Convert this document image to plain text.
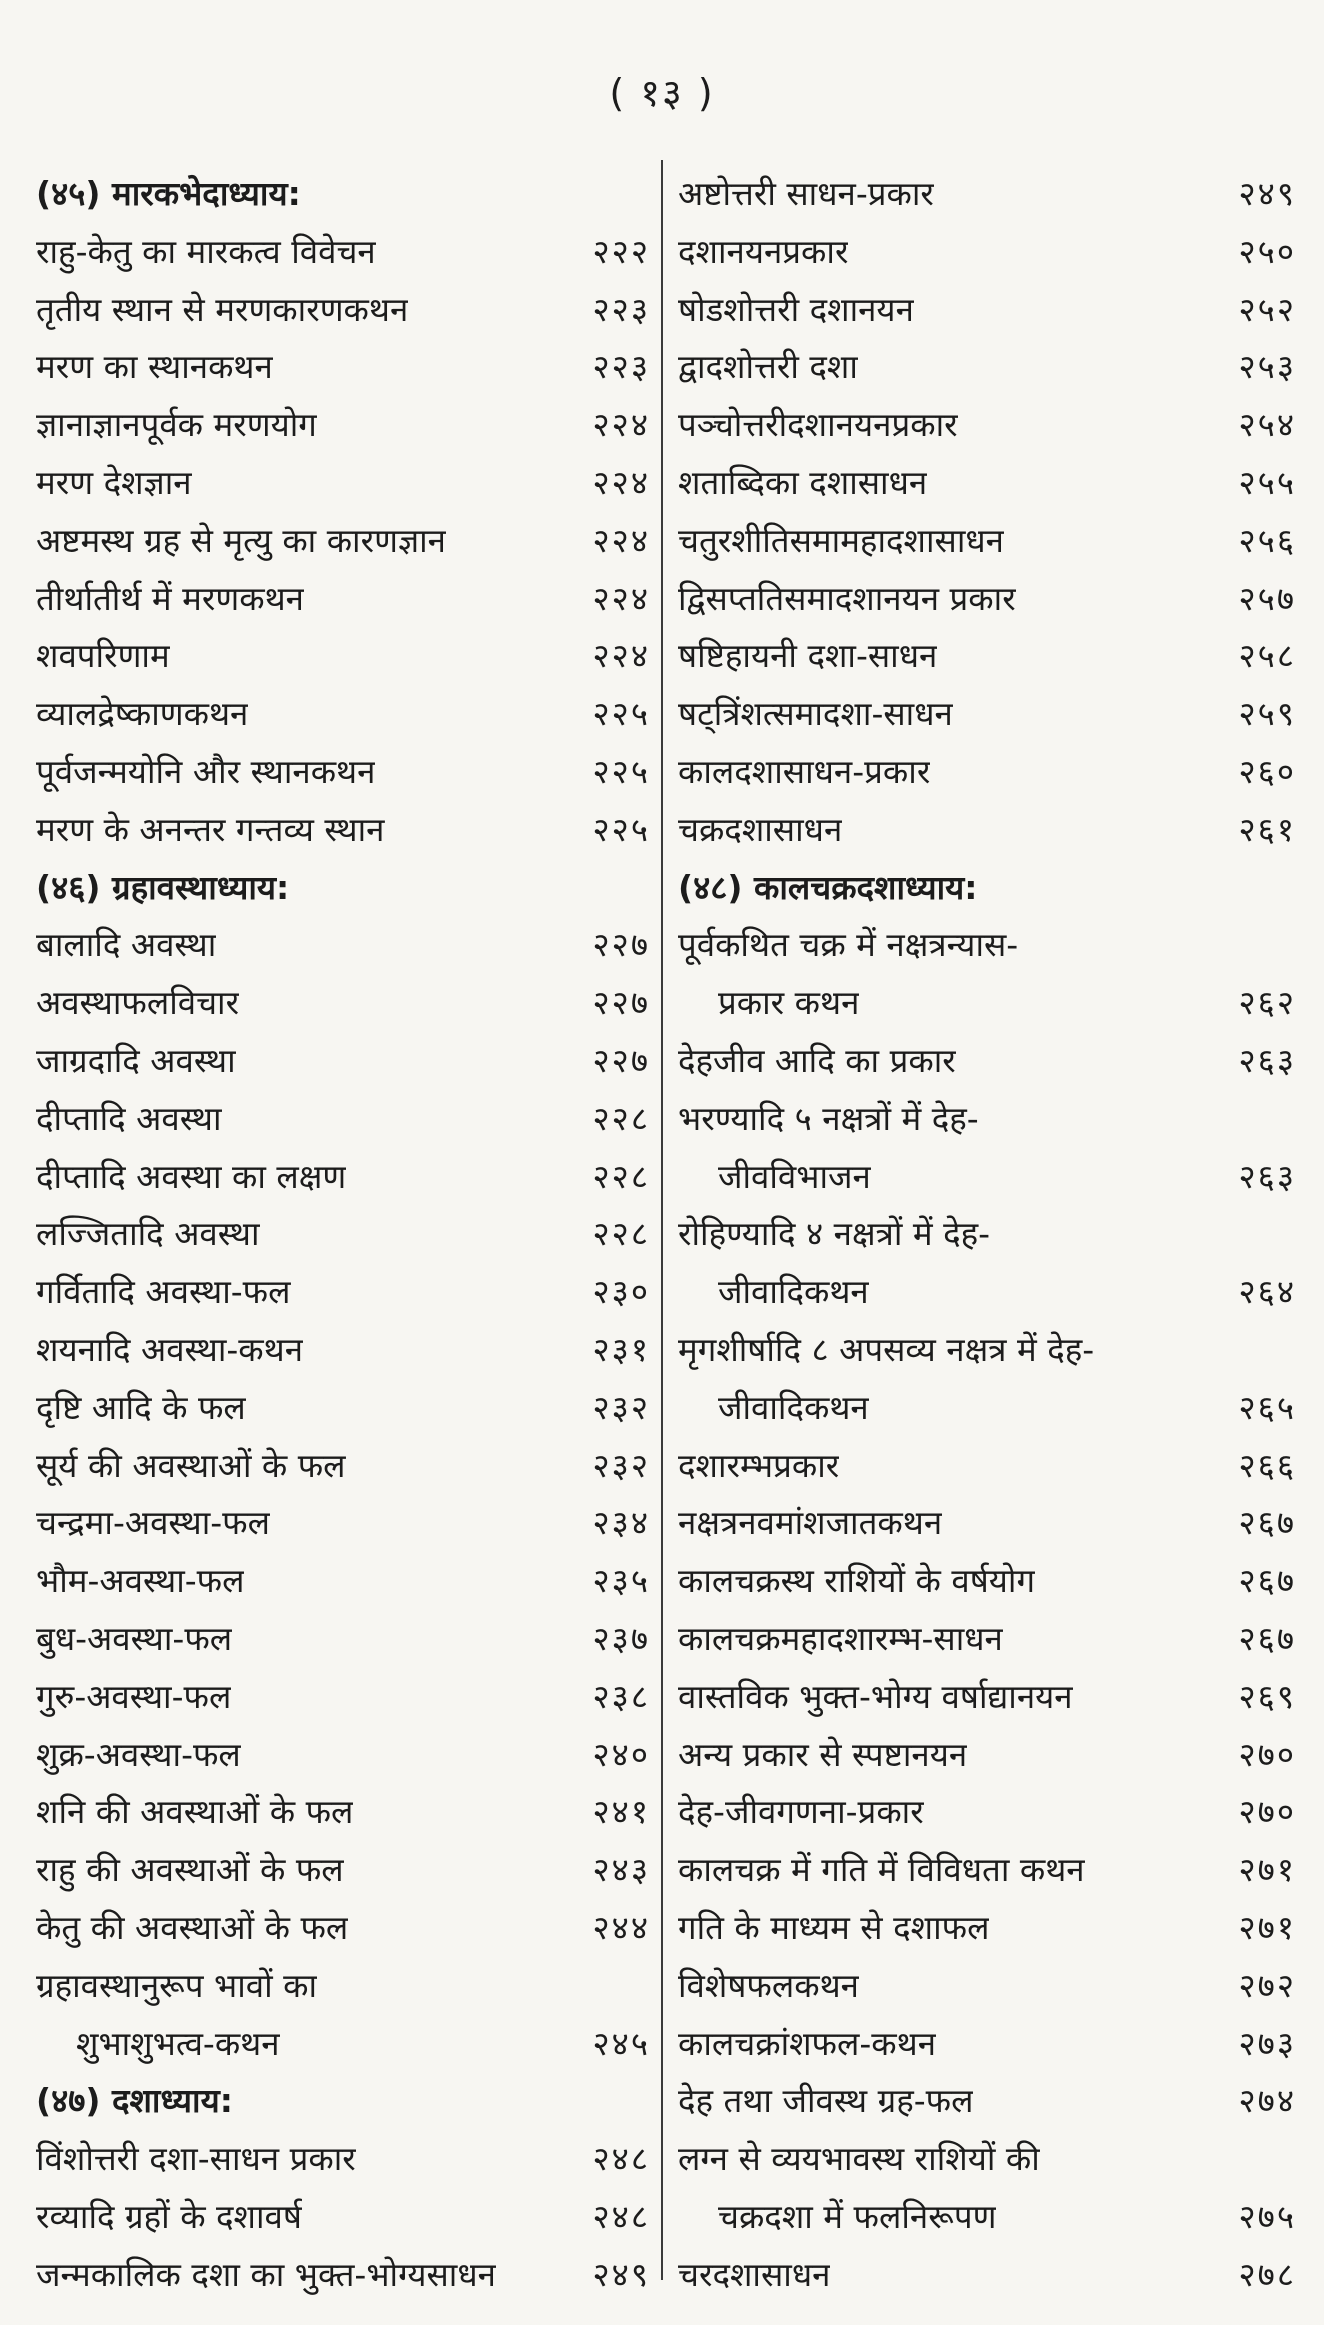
( १३ )
(४५) मारकभेदाध्याय:
राहु-केतु का मारकत्व विवेचन	२२२
तृतीय स्थान से मरणकारणकथन	२२३
मरण का स्थानकथन	२२३
ज्ञानाज्ञानपूर्वक मरणयोग	२२४
मरण देशज्ञान	२२४
अष्टमस्थ ग्रह से मृत्यु का कारणज्ञान	२२४
तीर्थातीर्थ में मरणकथन	२२४
शवपरिणाम	२२४
व्यालद्रेष्काणकथन	२२५
पूर्वजन्मयोनि और स्थानकथन	२२५
मरण के अनन्तर गन्तव्य स्थान	२२५
(४६) ग्रहावस्थाध्याय:
बालादि अवस्था	२२७
अवस्थाफलविचार	२२७
जाग्रदादि अवस्था	२२७
दीप्तादि अवस्था	२२८
दीप्तादि अवस्था का लक्षण	२२८
लज्जितादि अवस्था	२२८
गर्वितादि अवस्था-फल	२३०
शयनादि अवस्था-कथन	२३१
दृष्टि आदि के फल	२३२
सूर्य की अवस्थाओं के फल	२३२
चन्द्रमा-अवस्था-फल	२३४
भौम-अवस्था-फल	२३५
बुध-अवस्था-फल	२३७
गुरु-अवस्था-फल	२३८
शुक्र-अवस्था-फल	२४०
शनि की अवस्थाओं के फल	२४१
राहु की अवस्थाओं के फल	२४३
केतु की अवस्थाओं के फल	२४४
ग्रहावस्थानुरूप भावों का
शुभाशुभत्व-कथन	२४५
(४७) दशाध्याय:
विंशोत्तरी दशा-साधन प्रकार	२४८
रव्यादि ग्रहों के दशावर्ष	२४८
जन्मकालिक दशा का भुक्त-भोग्यसाधन	२४९
अष्टोत्तरी साधन-प्रकार	२४९
दशानयनप्रकार	२५०
षोडशोत्तरी दशानयन	२५२
द्वादशोत्तरी दशा	२५३
पञ्चोत्तरीदशानयनप्रकार	२५४
शताब्दिका दशासाधन	२५५
चतुरशीतिसमामहादशासाधन	२५६
द्विसप्ततिसमादशानयन प्रकार	२५७
षष्टिहायनी दशा-साधन	२५८
षट्त्रिंशत्समादशा-साधन	२५९
कालदशासाधन-प्रकार	२६०
चक्रदशासाधन	२६१
(४८) कालचक्रदशाध्याय:
पूर्वकथित चक्र में नक्षत्रन्यास-
प्रकार कथन	२६२
देहजीव आदि का प्रकार	२६३
भरण्यादि ५ नक्षत्रों में देह-
जीवविभाजन	२६३
रोहिण्यादि ४ नक्षत्रों में देह-
जीवादिकथन	२६४
मृगशीर्षादि ८ अपसव्य नक्षत्र में देह-
जीवादिकथन	२६५
दशारम्भप्रकार	२६६
नक्षत्रनवमांशजातकथन	२६७
कालचक्रस्थ राशियों के वर्षयोग	२६७
कालचक्रमहादशारम्भ-साधन	२६७
वास्तविक भुक्त-भोग्य वर्षाद्यानयन	२६९
अन्य प्रकार से स्पष्टानयन	२७०
देह-जीवगणना-प्रकार	२७०
कालचक्र में गति में विविधता कथन	२७१
गति के माध्यम से दशाफल	२७१
विशेषफलकथन	२७२
कालचक्रांशफल-कथन	२७३
देह तथा जीवस्थ ग्रह-फल	२७४
लग्न से व्ययभावस्थ राशियों की
चक्रदशा में फलनिरूपण	२७५
चरदशासाधन	२७८
